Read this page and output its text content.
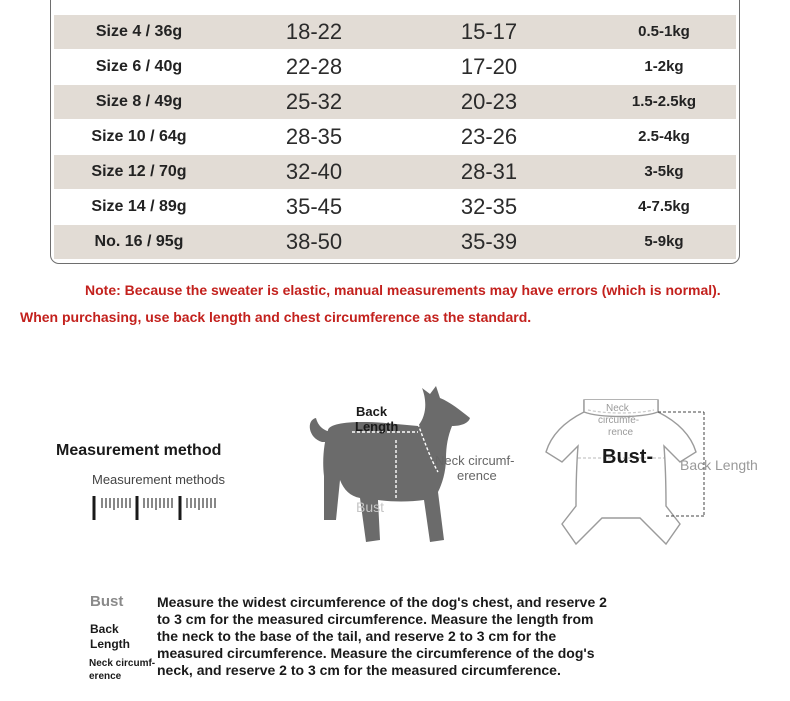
Size 4 / 36g	18-22	15-17	0.5-1kg
Size 6 / 40g	22-28	17-20	1-2kg
Size 8 / 49g	25-32	20-23	1.5-2.5kg
Size 10 / 64g	28-35	23-26	2.5-4kg
Size 12 / 70g	32-40	28-31	3-5kg
Size 14 / 89g	35-45	32-35	4-7.5kg
No. 16 / 95g	38-50	35-39	5-9kg
Note: Because the sweater is elastic, manual measurements may have errors (which is normal).
When purchasing, use back length and chest circumference as the standard.
Measurement method
Measurement methods
Back
Length
Neck circumf-
erence
Bust
Neck
circumfe-
rence
Bust- Back Length
Bust
Back
Length
Neck circumf-
erence
Measure the widest circumference of the dog's chest, and reserve 2 to 3 cm for the measured circumference. Measure the length from the neck to the base of the tail, and reserve 2 to 3 cm for the measured circumference. Measure the circumference of the dog's neck, and reserve 2 to 3 cm for the measured circumference.
